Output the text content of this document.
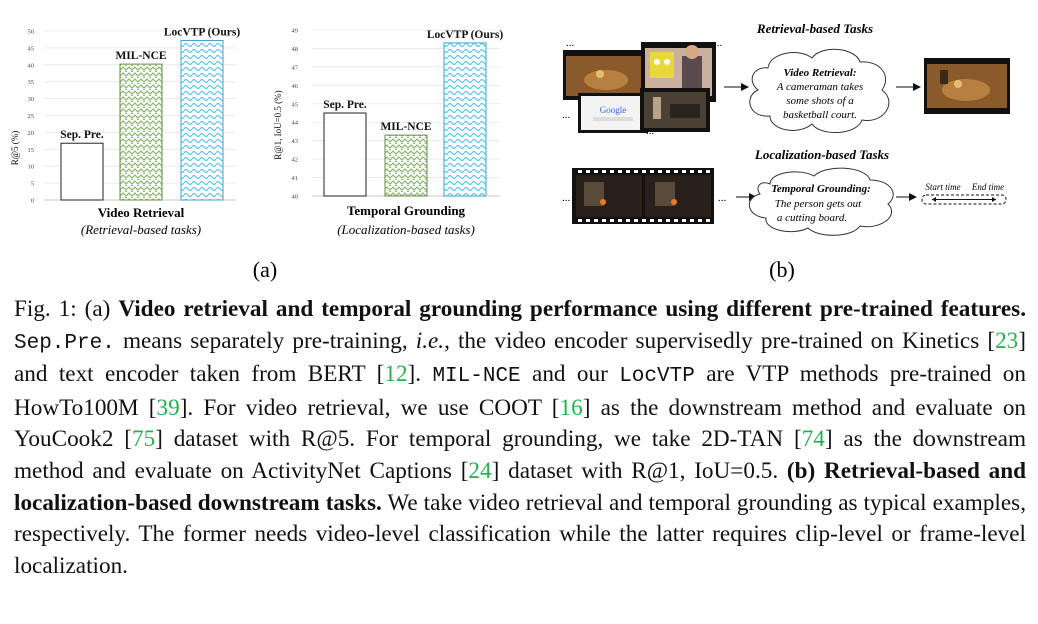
R@5 (%)
0
5
10
15
20
25
30
35
40
45
50
Sep. Pre.
MIL-NCE
LocVTP (Ours)
Video Retrieval
(Retrieval-based tasks)
R@1, IoU=0.5 (%)
40
41
42
43
44
45
46
47
48
49
Sep. Pre.
MIL-NCE
LocVTP (Ours)
Temporal Grounding
(Localization-based tasks)
(a)	(b)
Retrieval-based Tasks
Localization-based Tasks
Google
...
...
...
...
Video Retrieval:
A cameraman takes
some shots of a
basketball court.
...	...
Temporal Grounding:
The person gets out
a cutting board.
Start time End time
Fig. 1: (a) Video retrieval and temporal grounding performance using different pre-trained features. Sep.Pre. means separately pre-training, i.e., the video encoder supervisedly pre-trained on Kinetics [23] and text encoder taken from BERT [12]. MIL-NCE and our LocVTP are VTP methods pre-trained on HowTo100M [39]. For video retrieval, we use COOT [16] as the downstream method and evaluate on YouCook2 [75] dataset with R@5. For temporal grounding, we take 2D-TAN [74] as the downstream method and evaluate on ActivityNet Captions [24] dataset with R@1, IoU=0.5. (b) Retrieval-based and localization-based downstream tasks. We take video retrieval and temporal grounding as typical examples, respectively. The former needs video-level classification while the latter requires clip-level or frame-level localization.
